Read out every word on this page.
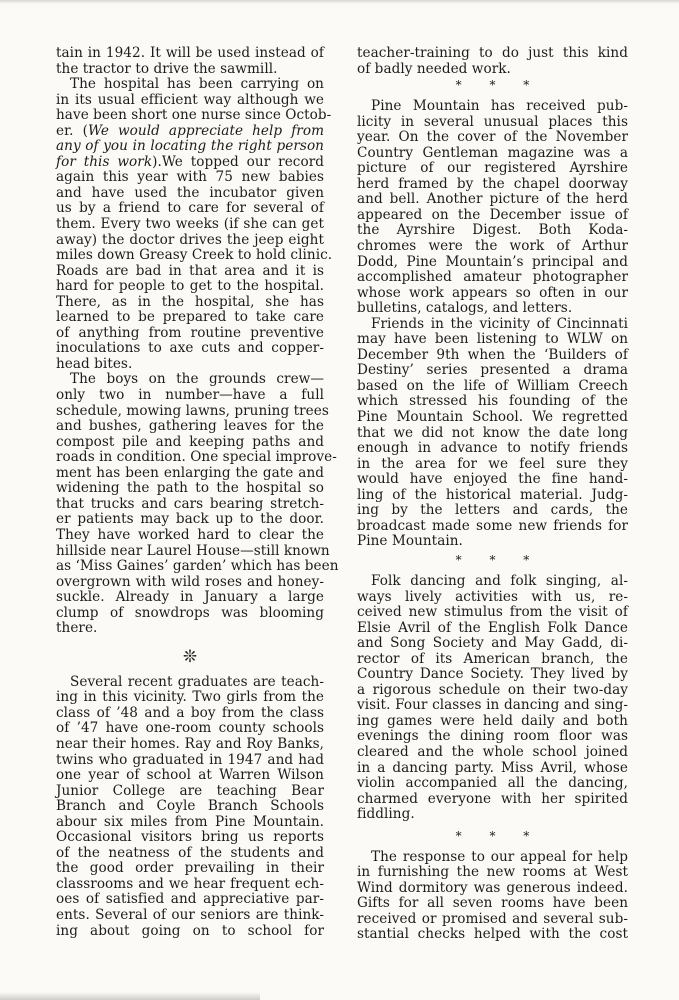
tain in 1942. It will be used instead of
the tractor to drive the sawmill.
The hospital has been carrying on
in its usual efficient way although we
have been short one nurse since Octob-
er. (We would appreciate help from
any of you in locating the right person
for this work).We topped our record
again this year with 75 new babies
and have used the incubator given
us by a friend to care for several of
them. Every two weeks (if she can get
away) the doctor drives the jeep eight
miles down Greasy Creek to hold clinic.
Roads are bad in that area and it is
hard for people to get to the hospital.
There, as in the hospital, she has
learned to be prepared to take care
of anything from routine preventive
inoculations to axe cuts and copper-
head bites.
The boys on the grounds crew—
only two in number—have a full
schedule, mowing lawns, pruning trees
and bushes, gathering leaves for the
compost pile and keeping paths and
roads in condition. One special improve-
ment has been enlarging the gate and
widening the path to the hospital so
that trucks and cars bearing stretch-
er patients may back up to the door.
They have worked hard to clear the
hillside near Laurel House—still known
as ‘Miss Gaines’ garden’ which has been
overgrown with wild roses and honey-
suckle. Already in January a large
clump of snowdrops was blooming
there.
❊
Several recent graduates are teach-
ing in this vicinity. Two girls from the
class of ’48 and a boy from the class
of ’47 have one-room county schools
near their homes. Ray and Roy Banks,
twins who graduated in 1947 and had
one year of school at Warren Wilson
Junior College are teaching Bear
Branch and Coyle Branch Schools
abour six miles from Pine Mountain.
Occasional visitors bring us reports
of the neatness of the students and
the good order prevailing in their
classrooms and we hear frequent ech-
oes of satisfied and appreciative par-
ents. Several of our seniors are think-
ing about going on to school for
teacher-training to do just this kind
of badly needed work.
* * *
Pine Mountain has received pub-
licity in several unusual places this
year. On the cover of the November
Country Gentleman magazine was a
picture of our registered Ayrshire
herd framed by the chapel doorway
and bell. Another picture of the herd
appeared on the December issue of
the Ayrshire Digest. Both Koda-
chromes were the work of Arthur
Dodd, Pine Mountain’s principal and
accomplished amateur photographer
whose work appears so often in our
bulletins, catalogs, and letters.
Friends in the vicinity of Cincinnati
may have been listening to WLW on
December 9th when the ‘Builders of
Destiny’ series presented a drama
based on the life of William Creech
which stressed his founding of the
Pine Mountain School. We regretted
that we did not know the date long
enough in advance to notify friends
in the area for we feel sure they
would have enjoyed the fine hand-
ling of the historical material. Judg-
ing by the letters and cards, the
broadcast made some new friends for
Pine Mountain.
* * *
Folk dancing and folk singing, al-
ways lively activities with us, re-
ceived new stimulus from the visit of
Elsie Avril of the English Folk Dance
and Song Society and May Gadd, di-
rector of its American branch, the
Country Dance Society. They lived by
a rigorous schedule on their two-day
visit. Four classes in dancing and sing-
ing games were held daily and both
evenings the dining room floor was
cleared and the whole school joined
in a dancing party. Miss Avril, whose
violin accompanied all the dancing,
charmed everyone with her spirited
fiddling.
* * *
The response to our appeal for help
in furnishing the new rooms at West
Wind dormitory was generous indeed.
Gifts for all seven rooms have been
received or promised and several sub-
stantial checks helped with the cost
